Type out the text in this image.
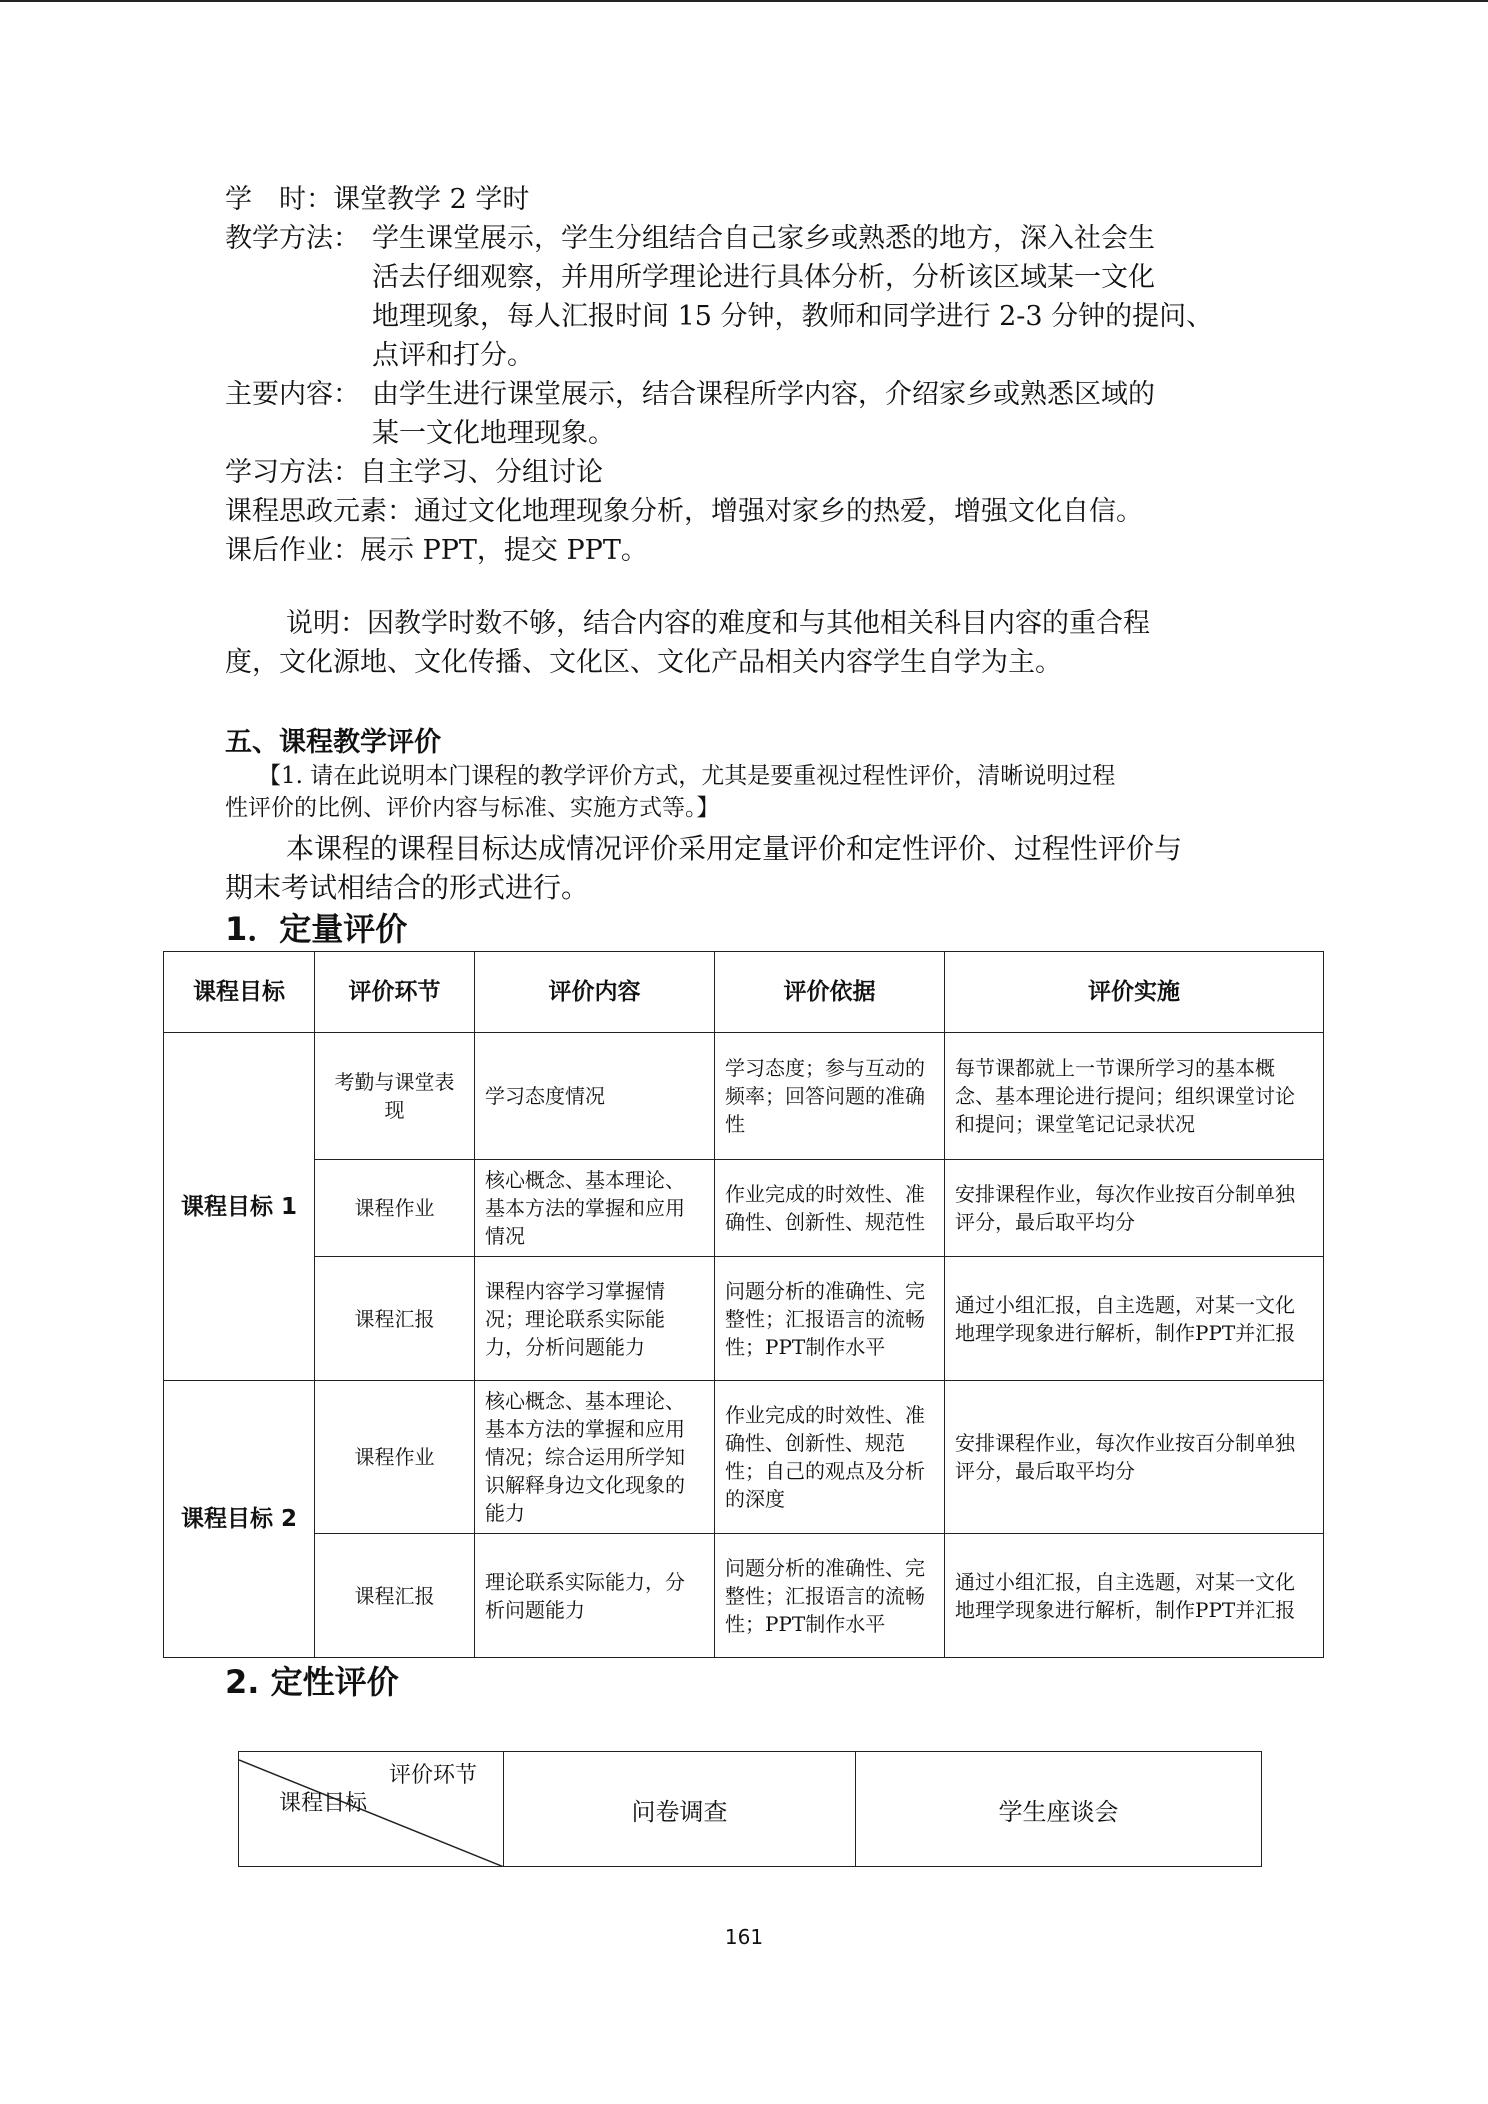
学　时：课堂教学 2 学时
教学方法： 学生课堂展示，学生分组结合自己家乡或熟悉的地方，深入社会生
活去仔细观察，并用所学理论进行具体分析，分析该区域某一文化
地理现象，每人汇报时间 15 分钟，教师和同学进行 2-3 分钟的提问、
点评和打分。
主要内容： 由学生进行课堂展示，结合课程所学内容，介绍家乡或熟悉区域的
某一文化地理现象。
学习方法：自主学习、分组讨论
课程思政元素：通过文化地理现象分析，增强对家乡的热爱，增强文化自信。
课后作业：展示 PPT，提交 PPT。
说明：因教学时数不够，结合内容的难度和与其他相关科目内容的重合程
度，文化源地、文化传播、文化区、文化产品相关内容学生自学为主。
五、课程教学评价
【1. 请在此说明本门课程的教学评价方式，尤其是要重视过程性评价，清晰说明过程
性评价的比例、评价内容与标准、实施方式等。】
本课程的课程目标达成情况评价采用定量评价和定性评价、过程性评价与
期末考试相结合的形式进行。
1．定量评价
课程目标	评价环节	评价内容	评价依据	评价实施
课程目标 1	考勤与课堂表现	学习态度情况	学习态度；参与互动的频率；回答问题的准确性	每节课都就上一节课所学习的基本概念、基本理论进行提问；组织课堂讨论和提问；课堂笔记记录状况
	课程作业	核心概念、基本理论、基本方法的掌握和应用情况	作业完成的时效性、准确性、创新性、规范性	安排课程作业，每次作业按百分制单独评分，最后取平均分
	课程汇报	课程内容学习掌握情况；理论联系实际能力，分析问题能力	问题分析的准确性、完整性；汇报语言的流畅性；PPT制作水平	通过小组汇报，自主选题，对某一文化地理学现象进行解析，制作PPT并汇报
课程目标 2	课程作业	核心概念、基本理论、基本方法的掌握和应用情况；综合运用所学知识解释身边文化现象的能力	作业完成的时效性、准确性、创新性、规范性；自己的观点及分析的深度	安排课程作业，每次作业按百分制单独评分，最后取平均分
	课程汇报	理论联系实际能力，分析问题能力	问题分析的准确性、完整性；汇报语言的流畅性；PPT制作水平	通过小组汇报，自主选题，对某一文化地理学现象进行解析，制作PPT并汇报
2. 定性评价
评价环节
课程目标	问卷调查	学生座谈会
161
